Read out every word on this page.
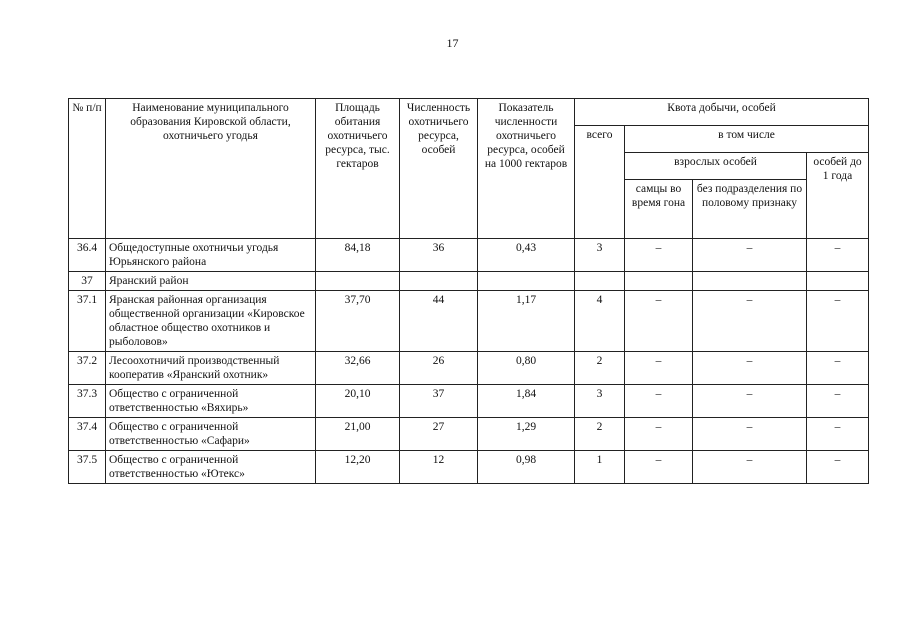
17
№ п/п	Наименование муниципального образования Кировской области, охотничьего угодья	Площадь обитания охотничьего ресурса, тыс. гектаров	Численность охотничьего ресурса, особей	Показатель численности охотничьего ресурса, особей на 1000 гектаров	Квота добычи, особей			
					всего	в том числе		
						взрослых особей		особей до 1 года
						самцы во время гона	без подразделения по половому признаку	
36.4	Общедоступные охотничьи угодья Юрьянского района	84,18	36	0,43	3	–	–	–
37	Яранский район							
37.1	Яранская районная организация общественной организации «Кировское областное общество охотников и рыболовов»	37,70	44	1,17	4	–	–	–
37.2	Лесоохотничий производственный кооператив «Яранский охотник»	32,66	26	0,80	2	–	–	–
37.3	Общество с ограниченной ответственностью «Вяхирь»	20,10	37	1,84	3	–	–	–
37.4	Общество с ограниченной ответственностью «Сафари»	21,00	27	1,29	2	–	–	–
37.5	Общество с ограниченной ответственностью «Ютекс»	12,20	12	0,98	1	–	–	–
